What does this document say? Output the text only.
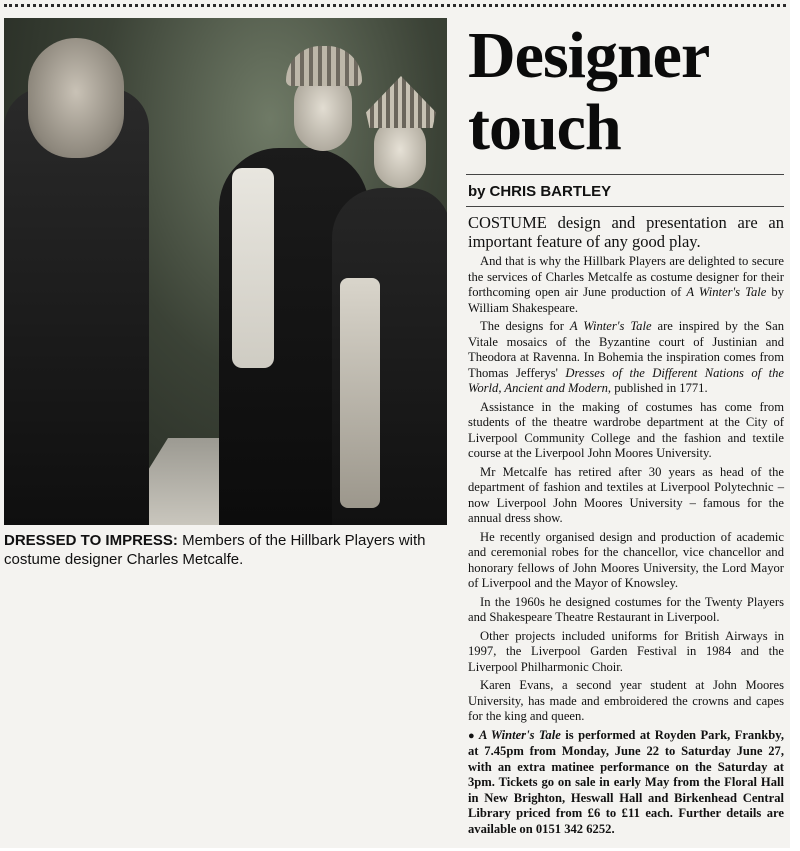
DRESSED TO IMPRESS: Members of the Hillbark Players with costume designer Charles Metcalfe.
Designer touch
by CHRIS BARTLEY
COSTUME design and presentation are an important feature of any good play.

And that is why the Hillbark Players are delighted to secure the services of Charles Metcalfe as costume designer for their forthcoming open air June production of A Winter's Tale by William Shakespeare.

The designs for A Winter's Tale are inspired by the San Vitale mosaics of the Byzantine court of Justinian and Theodora at Ravenna. In Bohemia the inspiration comes from Thomas Jefferys' Dresses of the Different Nations of the World, Ancient and Modern, published in 1771.

Assistance in the making of costumes has come from students of the theatre wardrobe department at the City of Liverpool Community College and the fashion and textile course at the Liverpool John Moores University.

Mr Metcalfe has retired after 30 years as head of the department of fashion and textiles at Liverpool Polytechnic – now Liverpool John Moores University – famous for the annual dress show.

He recently organised design and production of academic and ceremonial robes for the chancellor, vice chancellor and honorary fellows of John Moores University, the Lord Mayor of Liverpool and the Mayor of Knowsley.

In the 1960s he designed costumes for the Twenty Players and Shakespeare Theatre Restaurant in Liverpool.

Other projects included uniforms for British Airways in 1997, the Liverpool Garden Festival in 1984 and the Liverpool Philharmonic Choir.

Karen Evans, a second year student at John Moores University, has made and embroidered the crowns and capes for the king and queen.

● A Winter's Tale is performed at Royden Park, Frankby, at 7.45pm from Monday, June 22 to Saturday June 27, with an extra matinee performance on the Saturday at 3pm. Tickets go on sale in early May from the Floral Hall in New Brighton, Heswall Hall and Birkenhead Central Library priced from £6 to £11 each. Further details are available on 0151 342 6252.
